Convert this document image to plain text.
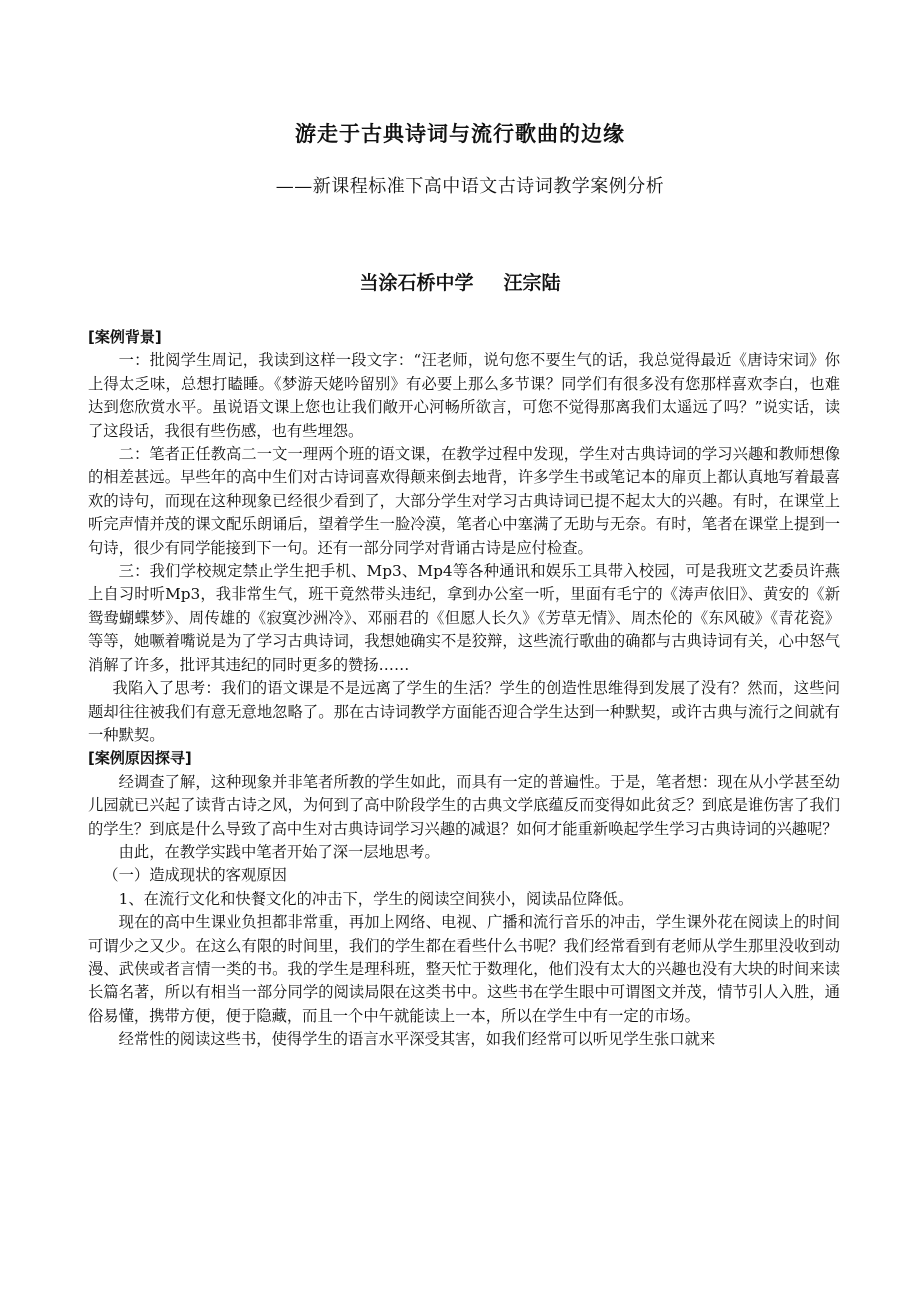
游走于古典诗词与流行歌曲的边缘
——新课程标准下高中语文古诗词教学案例分析
当涂石桥中学 汪宗陆

[案例背景]

一：批阅学生周记，我读到这样一段文字：“汪老师，说句您不要生气的话，我总觉得最近《唐诗宋词》你上得太乏味，总想打瞌睡。《梦游天姥吟留别》有必要上那么多节课？同学们有很多没有您那样喜欢李白，也难达到您欣赏水平。虽说语文课上您也让我们敞开心河畅所欲言，可您不觉得那离我们太遥远了吗？”说实话，读了这段话，我很有些伤感，也有些埋怨。

二：笔者正任教高二一文一理两个班的语文课，在教学过程中发现，学生对古典诗词的学习兴趣和教师想像的相差甚远。早些年的高中生们对古诗词喜欢得颠来倒去地背，许多学生书或笔记本的扉页上都认真地写着最喜欢的诗句，而现在这种现象已经很少看到了，大部分学生对学习古典诗词已提不起太大的兴趣。有时，在课堂上听完声情并茂的课文配乐朗诵后，望着学生一脸冷漠，笔者心中塞满了无助与无奈。有时，笔者在课堂上提到一句诗，很少有同学能接到下一句。还有一部分同学对背诵古诗是应付检查。

三：我们学校规定禁止学生把手机、Mp3、Mp4等各种通讯和娱乐工具带入校园，可是我班文艺委员许燕上自习时听Mp3，我非常生气，班干竟然带头违纪，拿到办公室一听，里面有毛宁的《涛声依旧》、黄安的《新鸳鸯蝴蝶梦》、周传雄的《寂寞沙洲冷》、邓丽君的《但愿人长久》《芳草无情》、周杰伦的《东风破》《青花瓷》等等，她噘着嘴说是为了学习古典诗词，我想她确实不是狡辩，这些流行歌曲的确都与古典诗词有关，心中怒气消解了许多，批评其违纪的同时更多的赞扬……

我陷入了思考：我们的语文课是不是远离了学生的生活？学生的创造性思维得到发展了没有？然而，这些问题却往往被我们有意无意地忽略了。那在古诗词教学方面能否迎合学生达到一种默契，或许古典与流行之间就有一种默契。

[案例原因探寻]

经调查了解，这种现象并非笔者所教的学生如此，而具有一定的普遍性。于是，笔者想：现在从小学甚至幼儿园就已兴起了读背古诗之风，为何到了高中阶段学生的古典文学底蕴反而变得如此贫乏？到底是谁伤害了我们的学生？到底是什么导致了高中生对古典诗词学习兴趣的减退？如何才能重新唤起学生学习古典诗词的兴趣呢？

由此，在教学实践中笔者开始了深一层地思考。

（一）造成现状的客观原因

1、在流行文化和快餐文化的冲击下，学生的阅读空间狭小，阅读品位降低。

现在的高中生课业负担都非常重，再加上网络、电视、广播和流行音乐的冲击，学生课外花在阅读上的时间可谓少之又少。在这么有限的时间里，我们的学生都在看些什么书呢？我们经常看到有老师从学生那里没收到动漫、武侠或者言情一类的书。我的学生是理科班，整天忙于数理化，他们没有太大的兴趣也没有大块的时间来读长篇名著，所以有相当一部分同学的阅读局限在这类书中。这些书在学生眼中可谓图文并茂，情节引人入胜，通俗易懂，携带方便，便于隐藏，而且一个中午就能读上一本，所以在学生中有一定的市场。

经常性的阅读这些书，使得学生的语言水平深受其害，如我们经常可以听见学生张口就来
